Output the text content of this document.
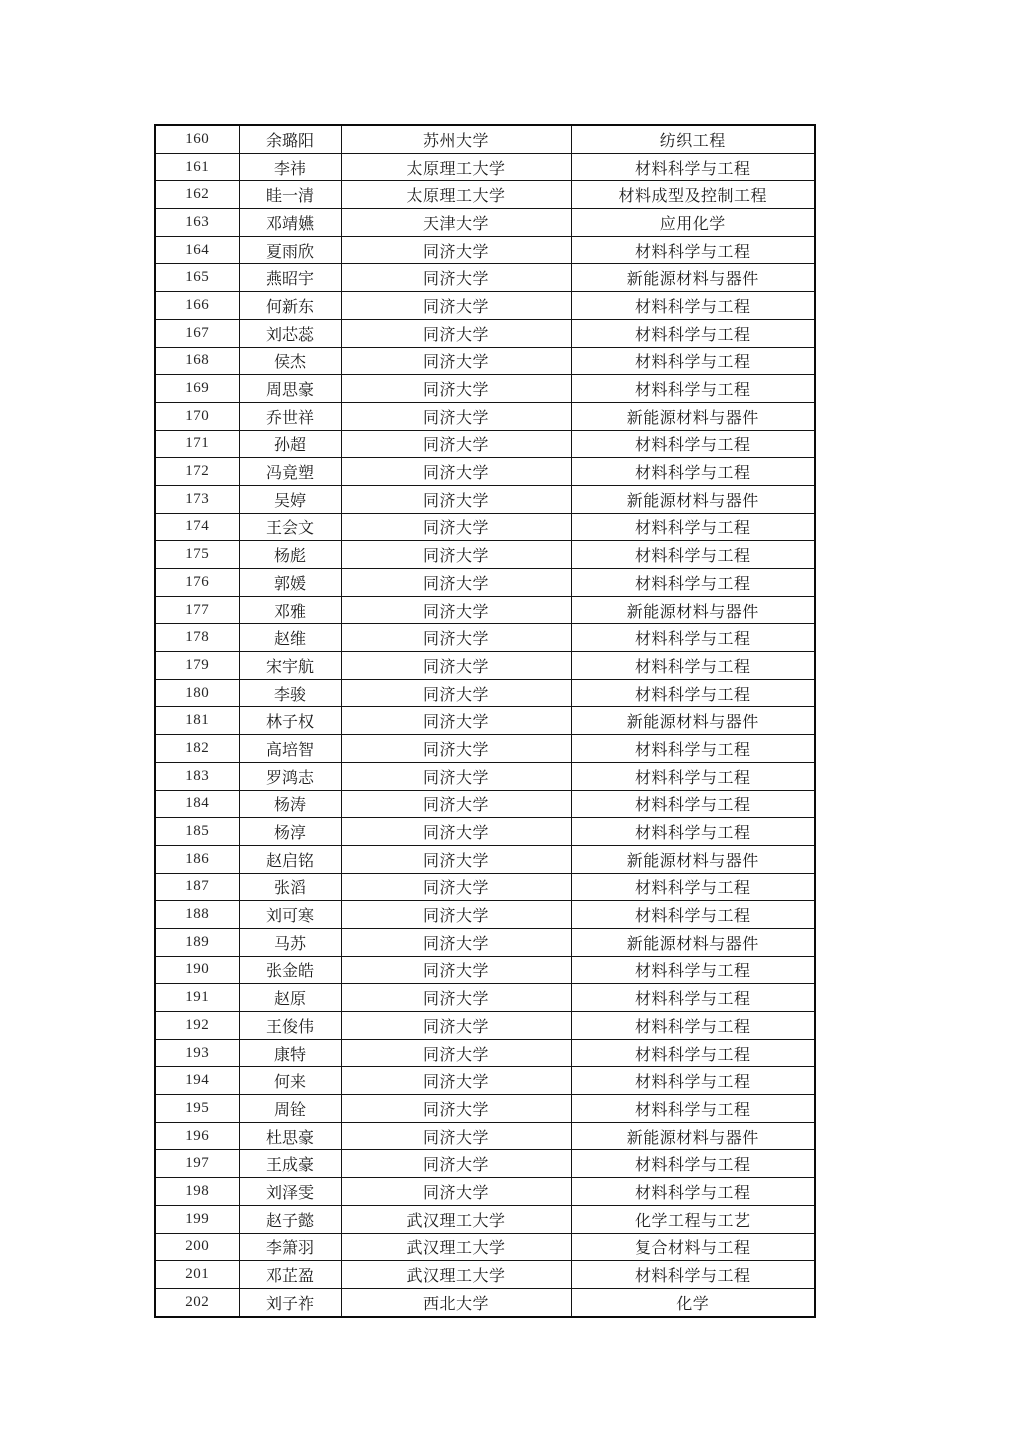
160	余璐阳	苏州大学	纺织工程
161	李祎	太原理工大学	材料科学与工程
162	眭一清	太原理工大学	材料成型及控制工程
163	邓靖嬿	天津大学	应用化学
164	夏雨欣	同济大学	材料科学与工程
165	燕昭宇	同济大学	新能源材料与器件
166	何新东	同济大学	材料科学与工程
167	刘芯蕊	同济大学	材料科学与工程
168	侯杰	同济大学	材料科学与工程
169	周思豪	同济大学	材料科学与工程
170	乔世祥	同济大学	新能源材料与器件
171	孙超	同济大学	材料科学与工程
172	冯竟塑	同济大学	材料科学与工程
173	吴婷	同济大学	新能源材料与器件
174	王会文	同济大学	材料科学与工程
175	杨彪	同济大学	材料科学与工程
176	郭媛	同济大学	材料科学与工程
177	邓雅	同济大学	新能源材料与器件
178	赵维	同济大学	材料科学与工程
179	宋宇航	同济大学	材料科学与工程
180	李骏	同济大学	材料科学与工程
181	林子权	同济大学	新能源材料与器件
182	高培智	同济大学	材料科学与工程
183	罗鸿志	同济大学	材料科学与工程
184	杨涛	同济大学	材料科学与工程
185	杨淳	同济大学	材料科学与工程
186	赵启铭	同济大学	新能源材料与器件
187	张滔	同济大学	材料科学与工程
188	刘可寒	同济大学	材料科学与工程
189	马苏	同济大学	新能源材料与器件
190	张金皓	同济大学	材料科学与工程
191	赵原	同济大学	材料科学与工程
192	王俊伟	同济大学	材料科学与工程
193	康特	同济大学	材料科学与工程
194	何来	同济大学	材料科学与工程
195	周铨	同济大学	材料科学与工程
196	杜思豪	同济大学	新能源材料与器件
197	王成豪	同济大学	材料科学与工程
198	刘泽雯	同济大学	材料科学与工程
199	赵子懿	武汉理工大学	化学工程与工艺
200	李箫羽	武汉理工大学	复合材料与工程
201	邓芷盈	武汉理工大学	材料科学与工程
202	刘子祚	西北大学	化学
